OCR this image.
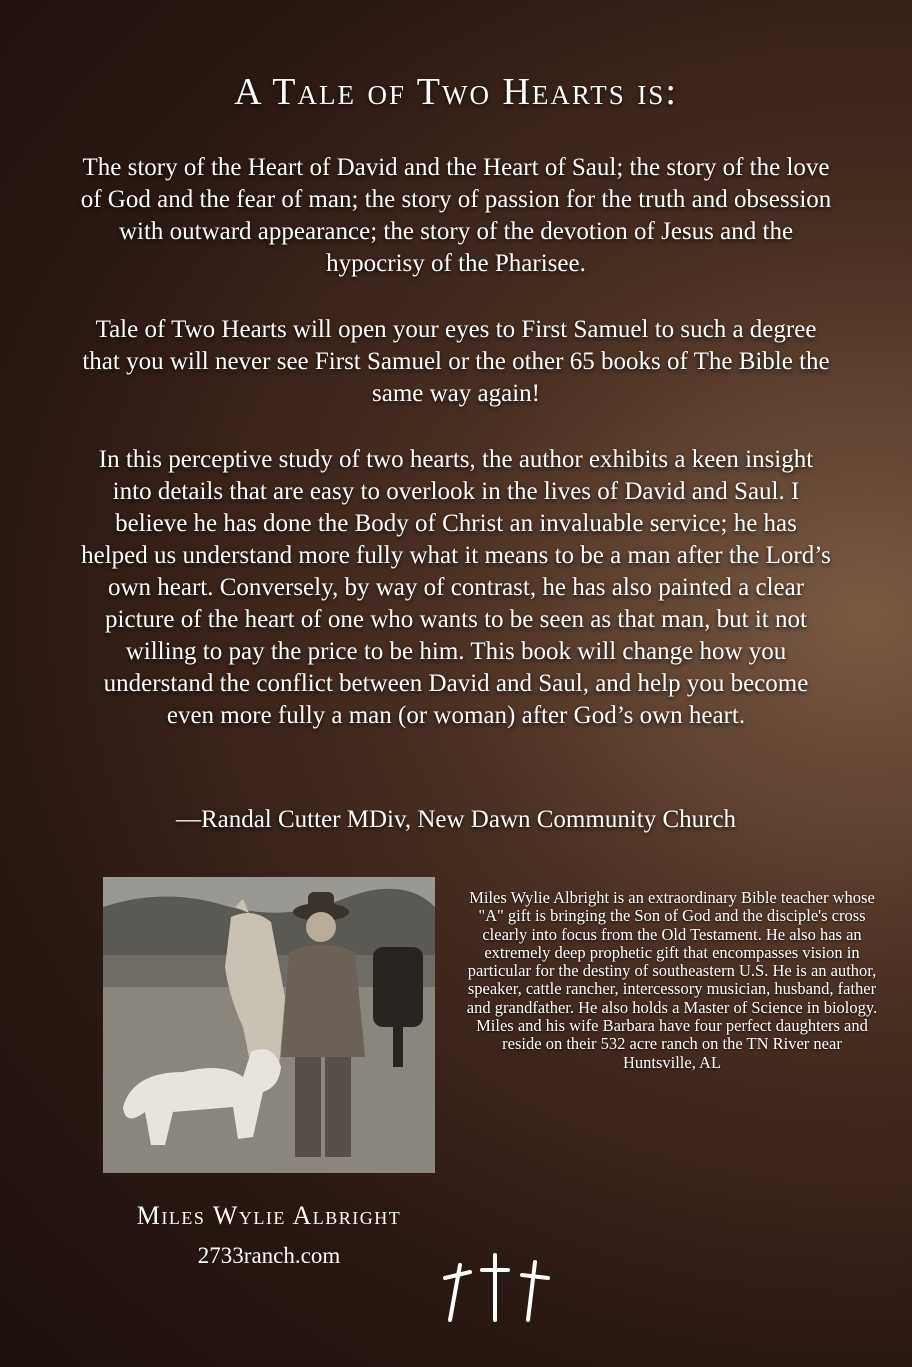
A Tale of Two Hearts is:
The story of the Heart of David and the Heart of Saul; the story of the love of God and the fear of man; the story of passion for the truth and obsession with outward appearance; the story of the devotion of Jesus and the hypocrisy of the Pharisee.
Tale of Two Hearts will open your eyes to First Samuel to such a degree that you will never see First Samuel or the other 65 books of The Bible the same way again!
In this perceptive study of two hearts, the author exhibits a keen insight into details that are easy to overlook in the lives of David and Saul. I believe he has done the Body of Christ an invaluable service; he has helped us understand more fully what it means to be a man after the Lord’s own heart. Conversely, by way of contrast, he has also painted a clear picture of the heart of one who wants to be seen as that man, but it not willing to pay the price to be him. This book will change how you understand the conflict between David and Saul, and help you become even more fully a man (or woman) after God’s own heart.
—Randal Cutter MDiv, New Dawn Community Church
Miles Wylie Albright is an extraordinary Bible teacher whose "A" gift is bringing the Son of God and the disciple's cross clearly into focus from the Old Testament. He also has an extremely deep prophetic gift that encompasses vision in particular for the destiny of southeastern U.S. He is an author, speaker, cattle rancher, intercessory musician, husband, father and grandfather. He also holds a Master of Science in biology.
Miles and his wife Barbara have four perfect daughters and reside on their 532 acre ranch on the TN River near Huntsville, AL
Miles Wylie Albright
2733ranch.com
